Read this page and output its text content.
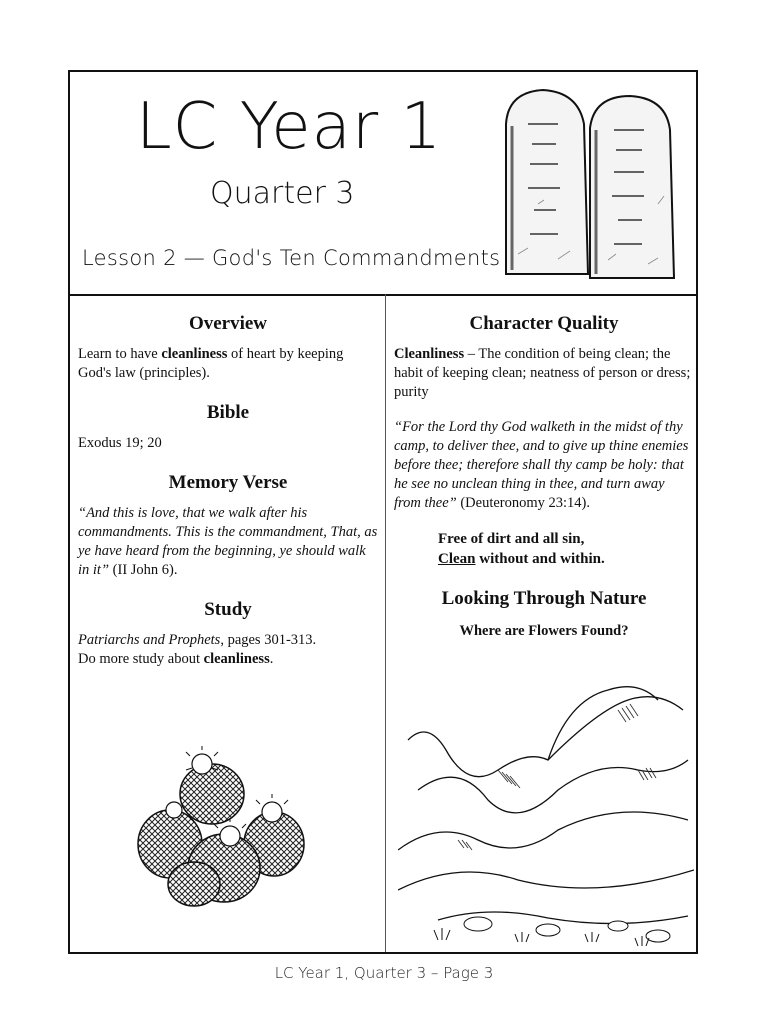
LC Year 1
Quarter 3
Lesson 2 — God's Ten Commandments
Overview

Learn to have cleanliness of heart by keeping God's law (principles).

Bible

Exodus 19; 20

Memory Verse

“And this is love, that we walk after his commandments. This is the commandment, That, as ye have heard from the beginning, ye should walk in it” (II John 6).

Study

Patriarchs and Prophets, pages 301-313.
Do more study about cleanliness.

Character Quality

Cleanliness – The condition of being clean; the habit of keeping clean; neatness of person or dress; purity

“For the Lord thy God walketh in the midst of thy camp, to deliver thee, and to give up thine enemies before thee; therefore shall thy camp be holy: that he see no unclean thing in thee, and turn away from thee” (Deuteronomy 23:14).

Free of dirt and all sin,
Clean without and within.

Looking Through Nature

Where are Flowers Found?

LC Year 1, Quarter 3 – Page 3
